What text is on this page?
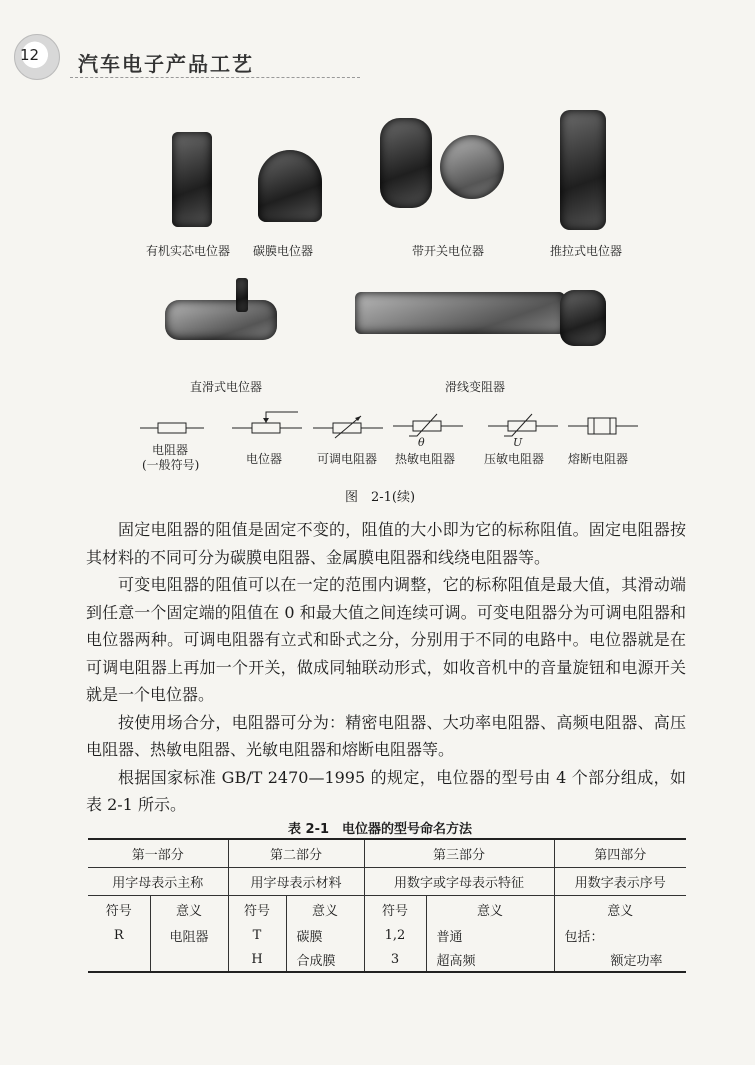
12 汽车电子产品工艺
有机实芯电位器 碳膜电位器	带开关电位器	推拉式电位器
直滑式电位器	滑线变阻器
θ	U
电阻器
(一般符号)	电位器	可调电阻器 热敏电阻器 压敏电阻器 熔断电阻器
图　2-1(续)

固定电阻器的阻值是固定不变的，阻值的大小即为它的标称阻值。固定电阻器按其材料的不同可分为碳膜电阻器、金属膜电阻器和线绕电阻器等。

可变电阻器的阻值可以在一定的范围内调整，它的标称阻值是最大值，其滑动端到任意一个固定端的阻值在 0 和最大值之间连续可调。可变电阻器分为可调电阻器和电位器两种。可调电阻器有立式和卧式之分，分别用于不同的电路中。电位器就是在可调电阻器上再加一个开关，做成同轴联动形式，如收音机中的音量旋钮和电源开关就是一个电位器。

按使用场合分，电阻器可分为：精密电阻器、大功率电阻器、高频电阻器、高压电阻器、热敏电阻器、光敏电阻器和熔断电阻器等。

根据国家标准 GB/T 2470—1995 的规定，电位器的型号由 4 个部分组成，如表 2-1 所示。

表 2-1　电位器的型号命名方法
第一部分		第二部分		第三部分		第四部分
用字母表示主称		用字母表示材料		用数字或字母表示特征		用数字表示序号
符号	意义	符号	意义	符号	意义	意义
R	电阻器	T	碳膜	1,2	普通	包括：
		H	合成膜	3	超高频	额定功率
